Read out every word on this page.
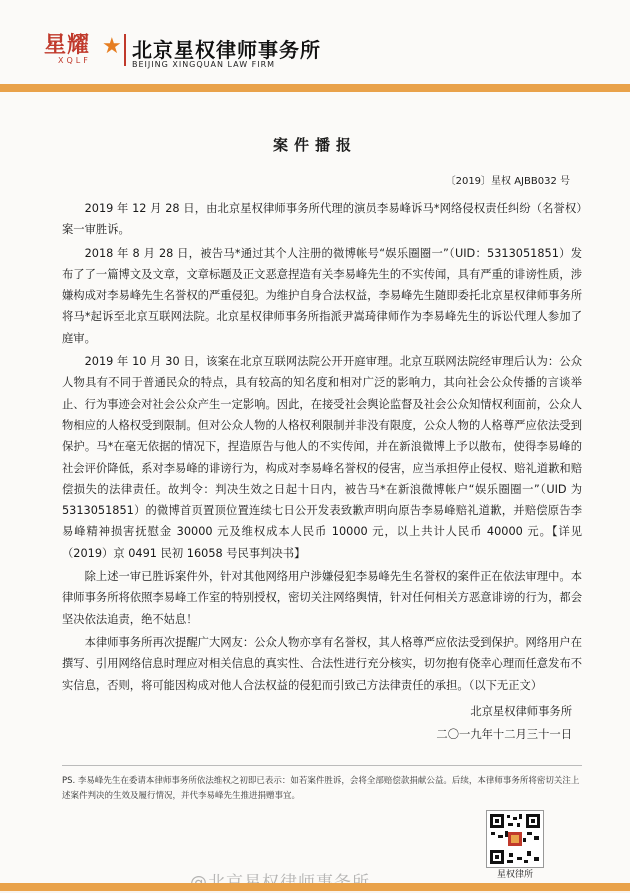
星耀 ★
XQLF 北京星权律师事务所
BEIJING XINGQUAN LAW FIRM
案件播报
〔2019〕星权 AJBB032 号

2019 年 12 月 28 日，由北京星权律师事务所代理的演员李易峰诉马*网络侵权责任纠纷（名誉权）案一审胜诉。

2018 年 8 月 28 日，被告马*通过其个人注册的微博帐号“娱乐圈圈一”（UID：5313051851）发布了了一篇博文及文章，文章标题及正文恶意捏造有关李易峰先生的不实传闻，具有严重的诽谤性质，涉嫌构成对李易峰先生名誉权的严重侵犯。为维护自身合法权益，李易峰先生随即委托北京星权律师事务所将马*起诉至北京互联网法院。北京星权律师事务所指派尹嵩琦律师作为李易峰先生的诉讼代理人参加了庭审。

2019 年 10 月 30 日，该案在北京互联网法院公开开庭审理。北京互联网法院经审理后认为：公众人物具有不同于普通民众的特点，具有较高的知名度和相对广泛的影响力，其向社会公众传播的言谈举止、行为事迹会对社会公众产生一定影响。因此，在接受社会舆论监督及社会公众知情权利面前，公众人物相应的人格权受到限制。但对公众人物的人格权利限制并非没有限度，公众人物的人格尊严应依法受到保护。马*在毫无依据的情况下，捏造原告与他人的不实传闻，并在新浪微博上予以散布，使得李易峰的社会评价降低，系对李易峰的诽谤行为，构成对李易峰名誉权的侵害，应当承担停止侵权、赔礼道歉和赔偿损失的法律责任。故判令：判决生效之日起十日内，被告马*在新浪微博帐户“娱乐圈圈一”（UID 为 5313051851）的微博首页置顶位置连续七日公开发表致歉声明向原告李易峰赔礼道歉，并赔偿原告李易峰精神损害抚慰金 30000 元及维权成本人民币 10000 元，以上共计人民币 40000 元。【详见（2019）京 0491 民初 16058 号民事判决书】

除上述一审已胜诉案件外，针对其他网络用户涉嫌侵犯李易峰先生名誉权的案件正在依法审理中。本律师事务所将依照李易峰工作室的特别授权，密切关注网络舆情，针对任何相关方恶意诽谤的行为，都会坚决依法追责，绝不姑息！

本律师事务所再次提醒广大网友：公众人物亦享有名誉权，其人格尊严应依法受到保护。网络用户在撰写、引用网络信息时理应对相关信息的真实性、合法性进行充分核实，切勿抱有侥幸心理而任意发布不实信息，否则，将可能因构成对他人合法权益的侵犯而引致己方法律责任的承担。（以下无正文）

北京星权律师事务所
二〇一九年十二月三十一日
PS. 李易峰先生在委请本律师事务所依法维权之初即已表示：如若案件胜诉，会将全部赔偿款捐献公益。后续，本律师事务所将密切关注上述案件判决的生效及履行情况，并代李易峰先生推进捐赠事宜。
星权律所
